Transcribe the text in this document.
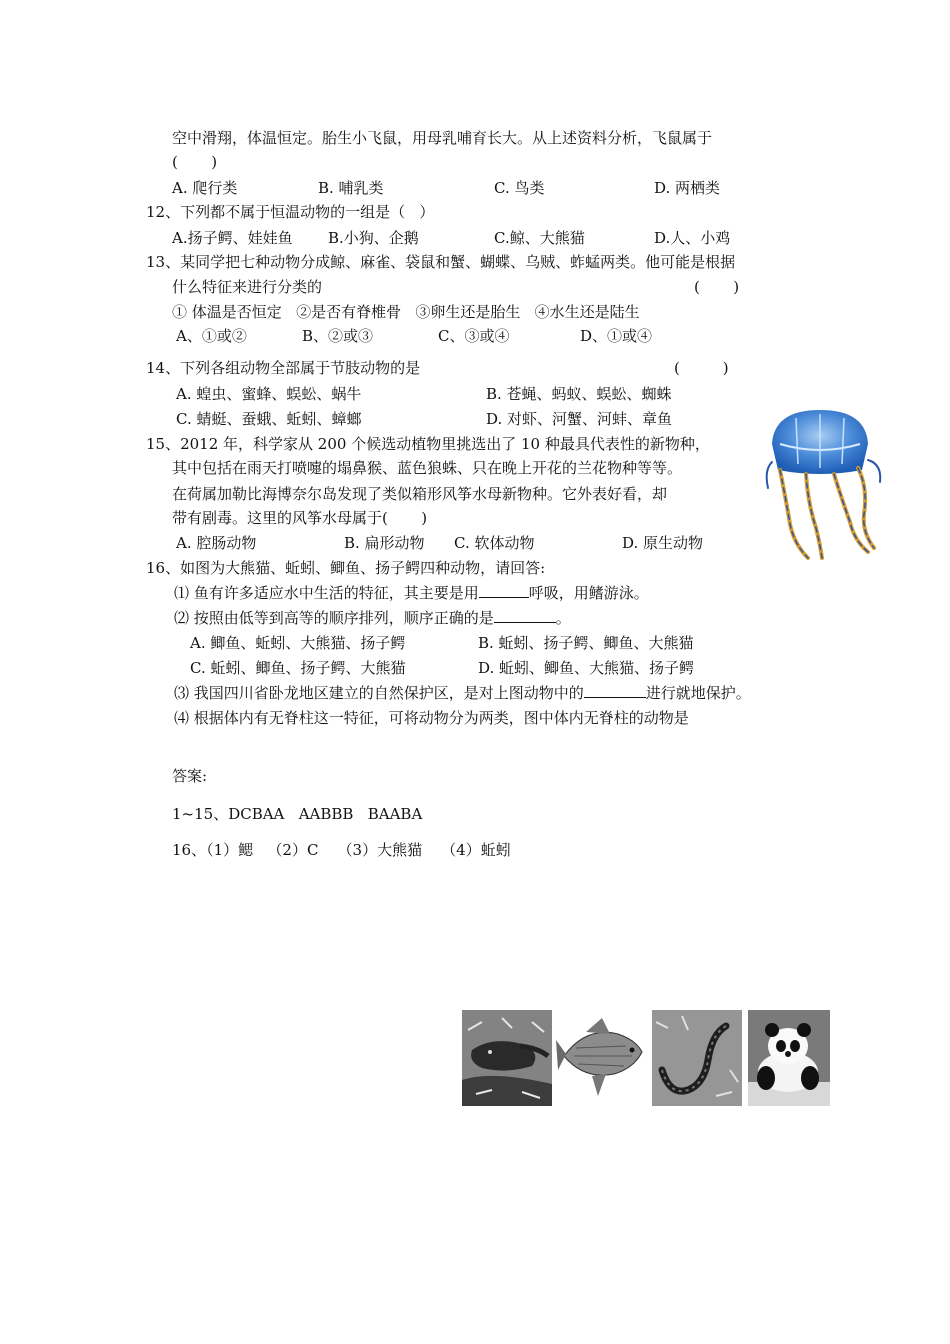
空中滑翔，体温恒定。胎生小飞鼠，用母乳哺育长大。从上述资料分析，飞鼠属于
(       )
A. 爬行类	B. 哺乳类	C. 鸟类	D. 两栖类
12、下列都不属于恒温动物的一组是（   ）
A.扬子鳄、娃娃鱼 B.小狗、企鹅	C.鲸、大熊猫	D.人、小鸡
13、某同学把七种动物分成鲸、麻雀、袋鼠和蟹、蝴蝶、乌贼、蚱蜢两类。他可能是根据
什么特征来进行分类的	(       )
① 体温是否恒定   ②是否有脊椎骨   ③卵生还是胎生   ④水生还是陆生
A、①或②	B、②或③	C、③或④	D、①或④
14、下列各组动物全部属于节肢动物的是	(         )
A. 蝗虫、蜜蜂、蜈蚣、蜗牛	B. 苍蝇、蚂蚁、蜈蚣、蜘蛛
C. 蜻蜓、蚕蛾、蚯蚓、蟑螂	D. 对虾、河蟹、河蚌、章鱼
15、2012 年，科学家从 200 个候选动植物里挑选出了 10 种最具代表性的新物种，
其中包括在雨天打喷嚏的塌鼻猴、蓝色狼蛛、只在晚上开花的兰花物种等等。
在荷属加勒比海博奈尔岛发现了类似箱形风筝水母新物种。它外表好看，却
带有剧毒。这里的风筝水母属于(       )
A. 腔肠动物	B. 扁形动物 C. 软体动物	D. 原生动物
16、如图为大熊猫、蚯蚓、鲫鱼、扬子鳄四种动物，请回答:
⑴ 鱼有许多适应水中生活的特征，其主要是用	呼吸，用鳍游泳。
⑵ 按照由低等到高等的顺序排列，顺序正确的是	。
A. 鲫鱼、蚯蚓、大熊猫、扬子鳄	B. 蚯蚓、扬子鳄、鲫鱼、大熊猫
C. 蚯蚓、鲫鱼、扬子鳄、大熊猫	D. 蚯蚓、鲫鱼、大熊猫、扬子鳄
⑶ 我国四川省卧龙地区建立的自然保护区，是对上图动物中的	进行就地保护。
⑷ 根据体内有无脊柱这一特征，可将动物分为两类，图中体内无脊柱的动物是
答案:
1~15、DCBAA   AABBB   BAABA
16、（1）鳃   （2）C    （3）大熊猫    （4）蚯蚓
